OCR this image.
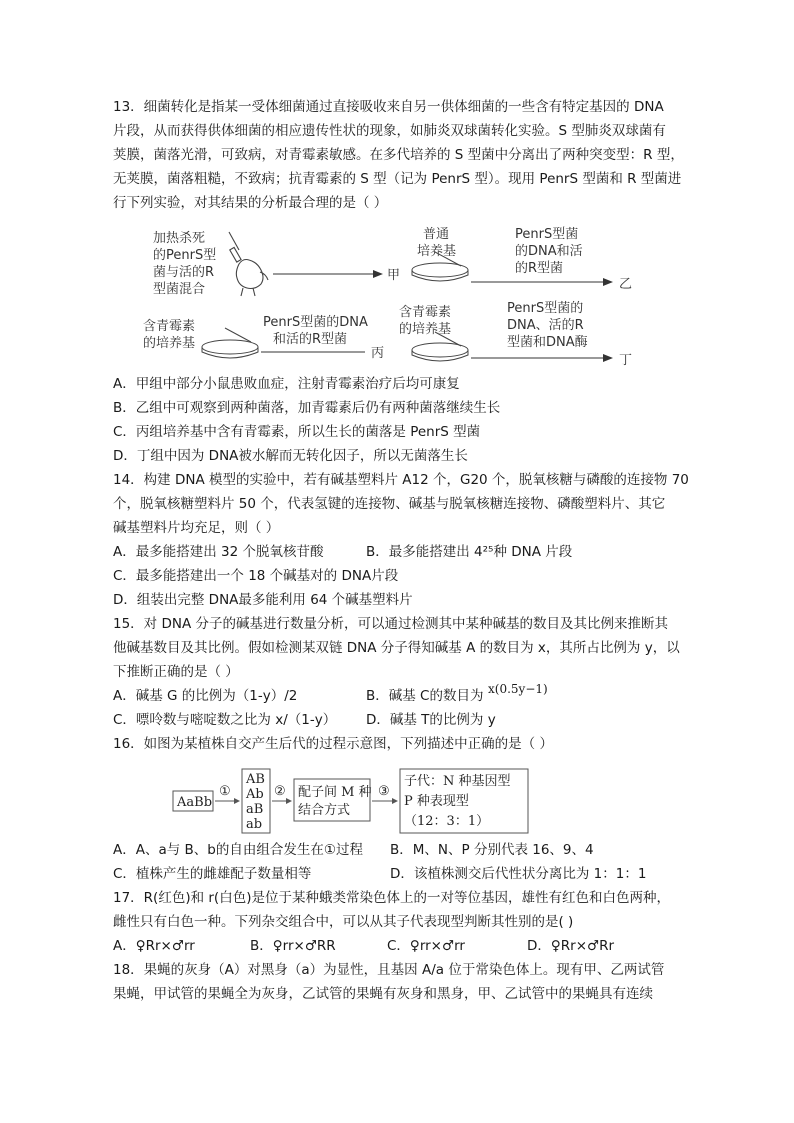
13．细菌转化是指某一受体细菌通过直接吸收来自另一供体细菌的一些含有特定基因的 DNA
片段，从而获得供体细菌的相应遗传性状的现象，如肺炎双球菌转化实验。S 型肺炎双球菌有
荚膜，菌落光滑，可致病，对青霉素敏感。在多代培养的 S 型菌中分离出了两种突变型：R 型，
无荚膜，菌落粗糙，不致病；抗青霉素的 S 型（记为 PenrS 型）。现用 PenrS 型菌和 R 型菌进
行下列实验，对其结果的分析最合理的是（ ）
加热杀死
的PenrS型
菌与活的R
型菌混合
甲
普通
培养基
PenrS型菌
的DNA和活
的R型菌
乙
含青霉素
的培养基
PenrS型菌的DNA
和活的R型菌
丙
含青霉素
的培养基
PenrS型菌的
DNA、活的R
型菌和DNA酶
丁
A．甲组中部分小鼠患败血症，注射青霉素治疗后均可康复
B．乙组中可观察到两种菌落，加青霉素后仍有两种菌落继续生长
C．丙组培养基中含有青霉素，所以生长的菌落是 PenrS 型菌
D．丁组中因为 DNA被水解而无转化因子，所以无菌落生长
14．构建 DNA 模型的实验中，若有碱基塑料片 A12 个，G20 个，脱氧核糖与磷酸的连接物 70
个，脱氧核糖塑料片 50 个，代表氢键的连接物、碱基与脱氧核糖连接物、磷酸塑料片、其它
碱基塑料片均充足，则（ ）
A．最多能搭建出 32 个脱氧核苷酸	B．最多能搭建出 4²⁵种 DNA 片段
C．最多能搭建出一个 18 个碱基对的 DNA片段
D．组装出完整 DNA最多能利用 64 个碱基塑料片
15．对 DNA 分子的碱基进行数量分析，可以通过检测其中某种碱基的数目及其比例来推断其
他碱基数目及其比例。假如检测某双链 DNA 分子得知碱基 A 的数目为 x，其所占比例为 y，以
下推断正确的是（ ）
A．碱基 G 的比例为（1-y）/2	B．碱基 C的数目为 x(0.5y−1)
C．嘌呤数与嘧啶数之比为 x/（1-y） D．碱基 T的比例为 y
16．如图为某植株自交产生后代的过程示意图，下列描述中正确的是（ ）
AaBb
①
AB
Ab
aB
ab
② 配子间 M 种
结合方式
③
子代：N 种基因型
P 种表现型
（12：3：1）
A．A、a与 B、b的自由组合发生在①过程 B．M、N、P 分别代表 16、9、4
C．植株产生的雌雄配子数量相等	D．该植株测交后代性状分离比为 1：1：1
17．R(红色)和 r(白色)是位于某种蛾类常染色体上的一对等位基因，雄性有红色和白色两种，
雌性只有白色一种。下列杂交组合中，可以从其子代表现型判断其性别的是( )
A．♀Rr×♂rr	B．♀rr×♂RR	C．♀rr×♂rr	D．♀Rr×♂Rr
18．果蝇的灰身（A）对黑身（a）为显性，且基因 A/a 位于常染色体上。现有甲、乙两试管
果蝇，甲试管的果蝇全为灰身，乙试管的果蝇有灰身和黑身，甲、乙试管中的果蝇具有连续
